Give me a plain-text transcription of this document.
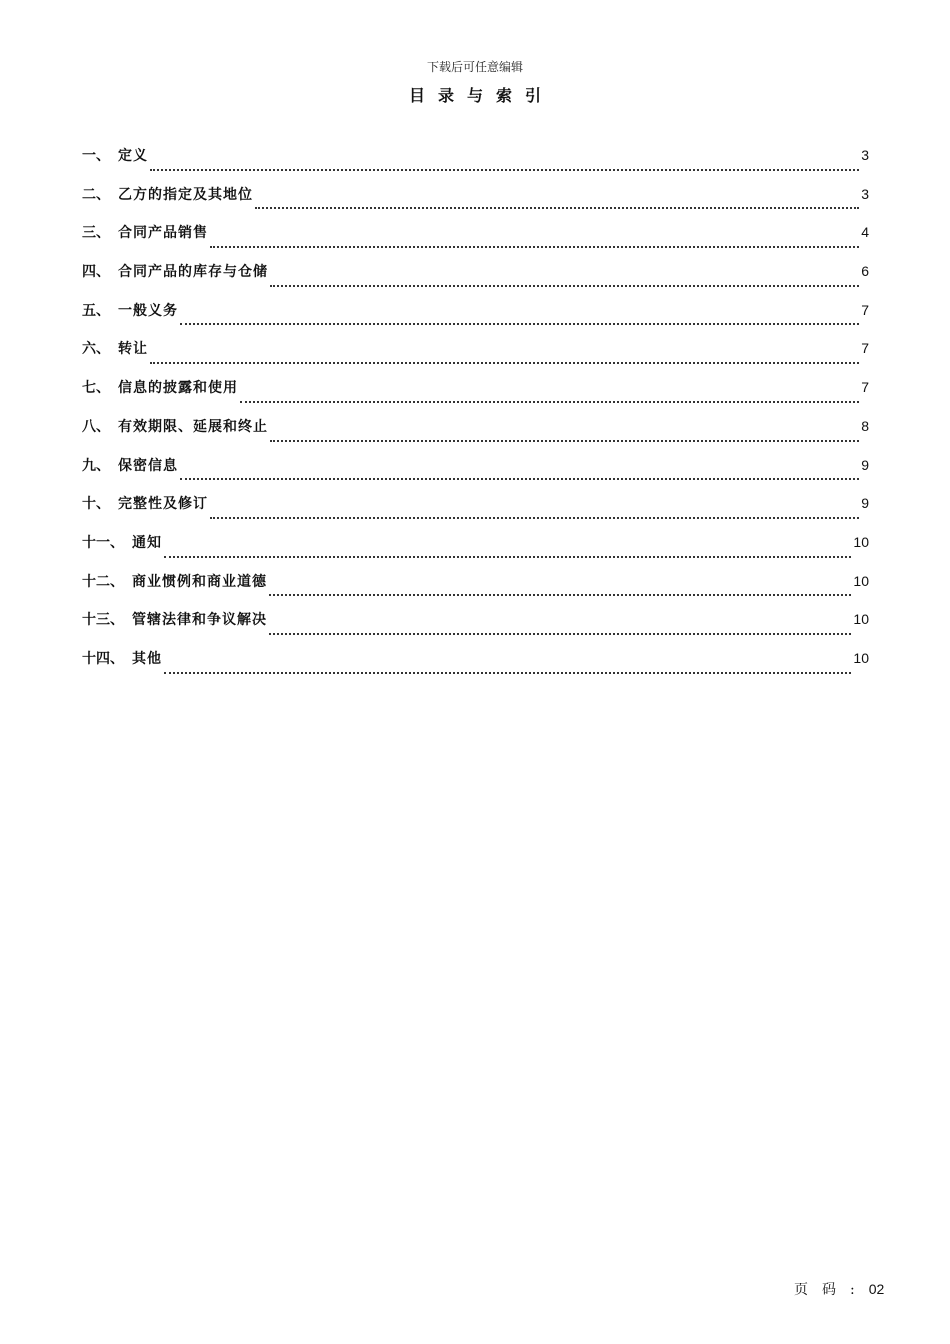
下载后可任意编辑
目录与索引
一、 定义	3
二、 乙方的指定及其地位	3
三、 合同产品销售	4
四、 合同产品的库存与仓储	6
五、 一般义务	7
六、 转让	7
七、 信息的披露和使用	7
八、 有效期限、延展和终止	8
九、 保密信息	9
十、 完整性及修订	9
十一、 通知	10
十二、 商业惯例和商业道德	10
十三、 管辖法律和争议解决	10
十四、 其他	10
页码:02
